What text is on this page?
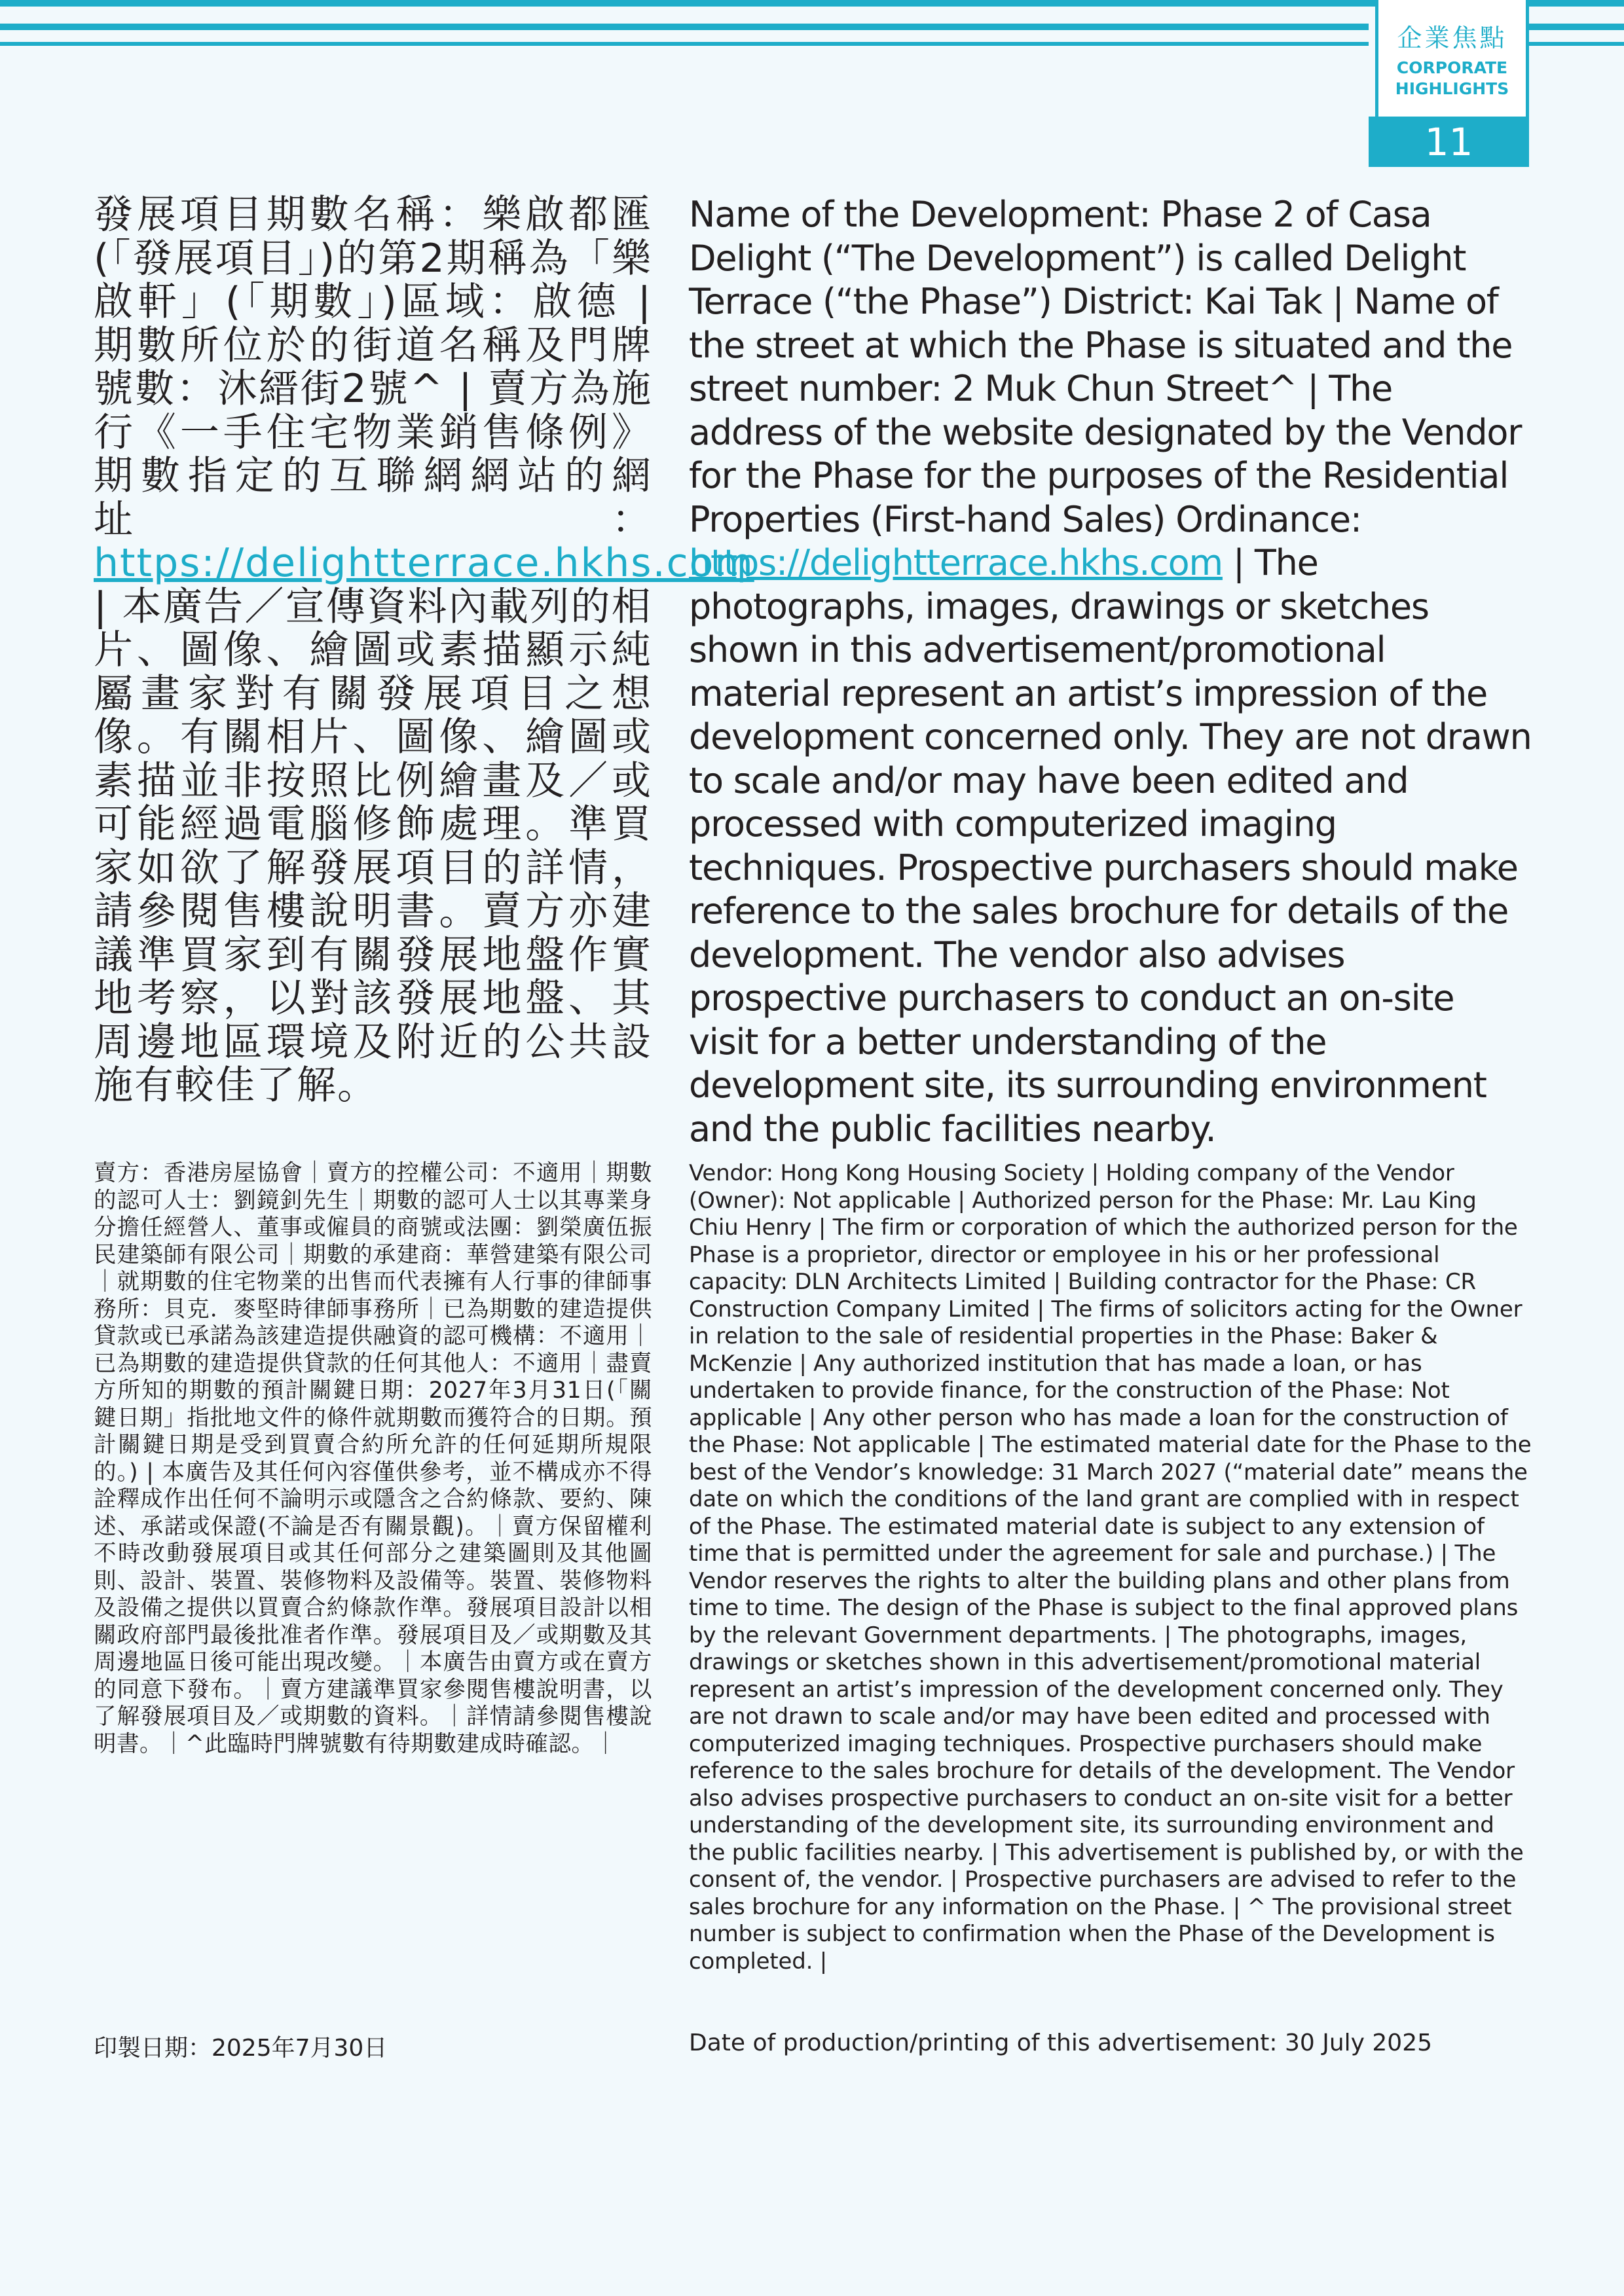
企業焦點
CORPORATE
HIGHLIGHTS
11
發展項目期數名稱：樂啟都匯(「發展項目」)的第2期稱為「樂啟軒」(「期數」)區域：啟德 | 期數所位於的街道名稱及門牌號數：沐縉街2號^ | 賣方為施行《一手住宅物業銷售條例》期數指定的互聯網網站的網址：https://delightterrace.hkhs.com | 本廣告／宣傳資料內載列的相片、圖像、繪圖或素描顯示純屬畫家對有關發展項目之想像。有關相片、圖像、繪圖或素描並非按照比例繪畫及／或可能經過電腦修飾處理。準買家如欲了解發展項目的詳情，請參閱售樓說明書。賣方亦建議準買家到有關發展地盤作實地考察，以對該發展地盤、其周邊地區環境及附近的公共設施有較佳了解。
Name of the Development: Phase 2 of Casa Delight (“The Development”) is called Delight Terrace (“the Phase”) District: Kai Tak | Name of the street at which the Phase is situated and the street number: 2 Muk Chun Street^ | The address of the website designated by the Vendor for the Phase for the purposes of the Residential Properties (First-hand Sales) Ordinance: https://delightterrace.hkhs.com | The photographs, images, drawings or sketches shown in this advertisement/promotional material represent an artist’s impression of the development concerned only. They are not drawn to scale and/or may have been edited and processed with computerized imaging techniques. Prospective purchasers should make reference to the sales brochure for details of the development. The vendor also advises prospective purchasers to conduct an on-site visit for a better understanding of the development site, its surrounding environment and the public facilities nearby.
賣方：香港房屋協會｜賣方的控權公司：不適用｜期數的認可人士：劉鏡釗先生｜期數的認可人士以其專業身分擔任經營人、董事或僱員的商號或法團：劉榮廣伍振民建築師有限公司｜期數的承建商：華營建築有限公司｜就期數的住宅物業的出售而代表擁有人行事的律師事務所：貝克．麥堅時律師事務所｜已為期數的建造提供貸款或已承諾為該建造提供融資的認可機構：不適用｜已為期數的建造提供貸款的任何其他人：不適用｜盡賣方所知的期數的預計關鍵日期：2027年3月31日(「關鍵日期」指批地文件的條件就期數而獲符合的日期。預計關鍵日期是受到買賣合約所允許的任何延期所規限的。) | 本廣告及其任何內容僅供參考，並不構成亦不得詮釋成作出任何不論明示或隱含之合約條款、要約、陳述、承諾或保證(不論是否有關景觀)。｜賣方保留權利不時改動發展項目或其任何部分之建築圖則及其他圖則、設計、裝置、裝修物料及設備等。裝置、裝修物料及設備之提供以買賣合約條款作準。發展項目設計以相關政府部門最後批准者作準。發展項目及／或期數及其周邊地區日後可能出現改變。｜本廣告由賣方或在賣方的同意下發布。｜賣方建議準買家參閱售樓說明書，以了解發展項目及／或期數的資料。｜詳情請參閱售樓說明書。｜^此臨時門牌號數有待期數建成時確認。｜
Vendor: Hong Kong Housing Society | Holding company of the Vendor (Owner): Not applicable | Authorized person for the Phase: Mr. Lau King Chiu Henry | The firm or corporation of which the authorized person for the Phase is a proprietor, director or employee in his or her professional capacity: DLN Architects Limited | Building contractor for the Phase: CR Construction Company Limited | The firms of solicitors acting for the Owner in relation to the sale of residential properties in the Phase: Baker & McKenzie | Any authorized institution that has made a loan, or has undertaken to provide finance, for the construction of the Phase: Not applicable | Any other person who has made a loan for the construction of the Phase: Not applicable | The estimated material date for the Phase to the best of the Vendor’s knowledge: 31 March 2027 (“material date” means the date on which the conditions of the land grant are complied with in respect of the Phase. The estimated material date is subject to any extension of time that is permitted under the agreement for sale and purchase.) | The Vendor reserves the rights to alter the building plans and other plans from time to time. The design of the Phase is subject to the final approved plans by the relevant Government departments. | The photographs, images, drawings or sketches shown in this advertisement/promotional material represent an artist’s impression of the development concerned only. They are not drawn to scale and/or may have been edited and processed with computerized imaging techniques. Prospective purchasers should make reference to the sales brochure for details of the development. The Vendor also advises prospective purchasers to conduct an on-site visit for a better understanding of the development site, its surrounding environment and the public facilities nearby. | This advertisement is published by, or with the consent of, the vendor. | Prospective purchasers are advised to refer to the sales brochure for any information on the Phase. | ^ The provisional street number is subject to confirmation when the Phase of the Development is completed. |
印製日期：2025年7月30日	Date of production/printing of this advertisement: 30 July 2025
